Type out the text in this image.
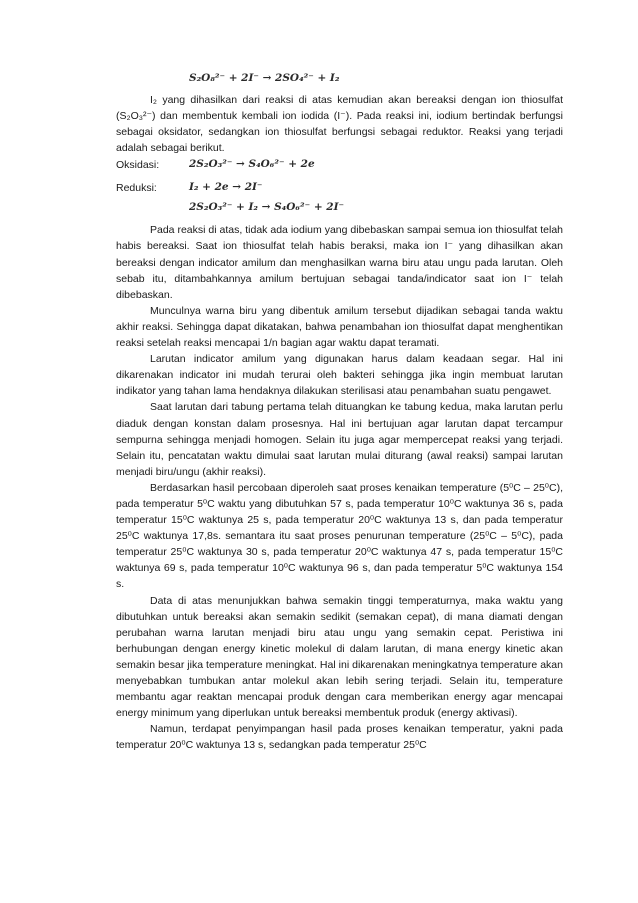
S₂O₈²⁻ + 2I⁻ → 2SO₄²⁻ + I₂

I₂ yang dihasilkan dari reaksi di atas kemudian akan bereaksi dengan ion thiosulfat (S₂O₃²⁻) dan membentuk kembali ion iodida (I⁻). Pada reaksi ini, iodium bertindak berfungsi sebagai oksidator, sedangkan ion thiosulfat berfungsi sebagai reduktor. Reaksi yang terjadi adalah sebagai berikut.

Oksidasi:	2S₂O₃²⁻ → S₄O₆²⁻ + 2e
Reduksi:	I₂ + 2e → 2I⁻
2S₂O₃²⁻ + I₂ → S₄O₆²⁻ + 2I⁻

Pada reaksi di atas, tidak ada iodium yang dibebaskan sampai semua ion thiosulfat telah habis bereaksi. Saat ion thiosulfat telah habis beraksi, maka ion I⁻ yang dihasilkan akan bereaksi dengan indicator amilum dan menghasilkan warna biru atau ungu pada larutan. Oleh sebab itu, ditambahkannya amilum bertujuan sebagai tanda/indicator saat ion I⁻ telah dibebaskan.

Munculnya warna biru yang dibentuk amilum tersebut dijadikan sebagai tanda waktu akhir reaksi. Sehingga dapat dikatakan, bahwa penambahan ion thiosulfat dapat menghentikan reaksi setelah reaksi mencapai 1/n bagian agar waktu dapat teramati.

Larutan indicator amilum yang digunakan harus dalam keadaan segar. Hal ini dikarenakan indicator ini mudah terurai oleh bakteri sehingga jika ingin membuat larutan indikator yang tahan lama hendaknya dilakukan sterilisasi atau penambahan suatu pengawet.

Saat larutan dari tabung pertama telah dituangkan ke tabung kedua, maka larutan perlu diaduk dengan konstan dalam prosesnya. Hal ini bertujuan agar larutan dapat tercampur sempurna sehingga menjadi homogen. Selain itu juga agar mempercepat reaksi yang terjadi. Selain itu, pencatatan waktu dimulai saat larutan mulai diturang (awal reaksi) sampai larutan menjadi biru/ungu (akhir reaksi).

Berdasarkan hasil percobaan diperoleh saat proses kenaikan temperature (5⁰C – 25⁰C), pada temperatur 5⁰C waktu yang dibutuhkan 57 s, pada temperatur 10⁰C waktunya 36 s, pada temperatur 15⁰C waktunya 25 s, pada temperatur 20⁰C waktunya 13 s, dan pada temperatur 25⁰C waktunya 17,8s. semantara itu saat proses penurunan temperature (25⁰C – 5⁰C), pada temperatur 25⁰C waktunya 30 s, pada temperatur 20⁰C waktunya 47 s, pada temperatur 15⁰C waktunya 69 s, pada temperatur 10⁰C waktunya 96 s, dan pada temperatur 5⁰C waktunya 154 s.

Data di atas menunjukkan bahwa semakin tinggi temperaturnya, maka waktu yang dibutuhkan untuk bereaksi akan semakin sedikit (semakan cepat), di mana diamati dengan perubahan warna larutan menjadi biru atau ungu yang semakin cepat. Peristiwa ini berhubungan dengan energy kinetic molekul di dalam larutan, di mana energy kinetic akan semakin besar jika temperature meningkat. Hal ini dikarenakan meningkatnya temperature akan menyebabkan tumbukan antar molekul akan lebih sering terjadi. Selain itu, temperature membantu agar reaktan mencapai produk dengan cara memberikan energy agar mencapai energy minimum yang diperlukan untuk bereaksi membentuk produk (energy aktivasi).

Namun, terdapat penyimpangan hasil pada proses kenaikan temperatur, yakni pada temperatur 20⁰C waktunya 13 s, sedangkan pada temperatur 25⁰C
